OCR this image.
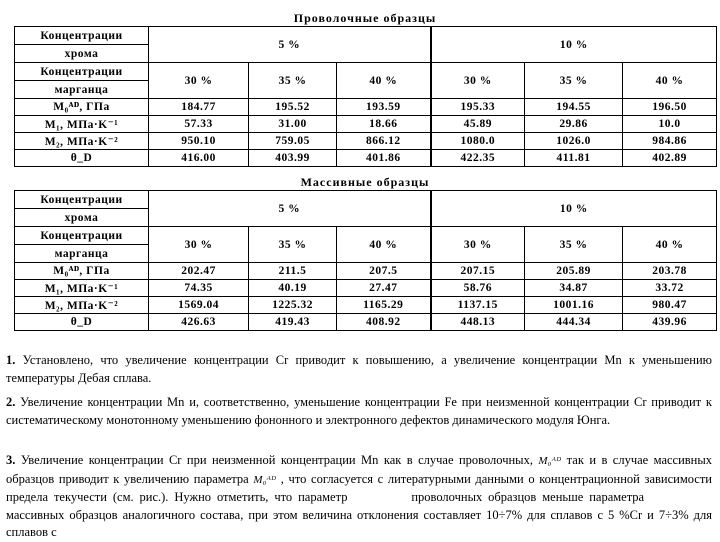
Проволочные образцы
Концентрации	5 %			10 %		
хрома						
Концентрации	30 %	35 %	40 %	30 %	35 %	40 %
марганца						
M₀ᴬᴰ, ГПа	184.77	195.52	193.59	195.33	194.55	196.50
M₁, МПа·K⁻¹	57.33	31.00	18.66	45.89	29.86	10.0
M₂, МПа·K⁻²	950.10	759.05	866.12	1080.0	1026.0	984.86
θ_D	416.00	403.99	401.86	422.35	411.81	402.89
Массивные образцы
Концентрации	5 %			10 %		
хрома						
Концентрации	30 %	35 %	40 %	30 %	35 %	40 %
марганца						
M₀ᴬᴰ, ГПа	202.47	211.5	207.5	207.15	205.89	203.78
M₁, МПа·K⁻¹	74.35	40.19	27.47	58.76	34.87	33.72
M₂, МПа·K⁻²	1569.04	1225.32	1165.29	1137.15	1001.16	980.47
θ_D	426.63	419.43	408.92	448.13	444.34	439.96
1. Установлено, что увеличение концентрации Cr приводит к повышению, а увеличение концентрации Mn к уменьшению температуры Дебая сплава.
2. Увеличение концентрации Mn и, соответственно, уменьшение концентрации Fe при неизменной концентрации Cr приводит к систематическому монотонному уменьшению фононного и электронного дефектов динамического модуля Юнга.
3. Увеличение концентрации Cr при неизменной концентрации Mn как в случае проволочных, M₀ᴬᴰ так и в случае массивных образцов приводит к увеличению параметра M₀ᴬᴰ , что согласуется с литературными данными о концентрационной зависимости предела текучести (см. рис.). Нужно отметить, что параметр	проволочных образцов меньше параметра  массивных образцов аналогичного состава, при этом величина отклонения составляет 10÷7% для сплавов с 5 %Cr и 7÷3% для сплавов с
